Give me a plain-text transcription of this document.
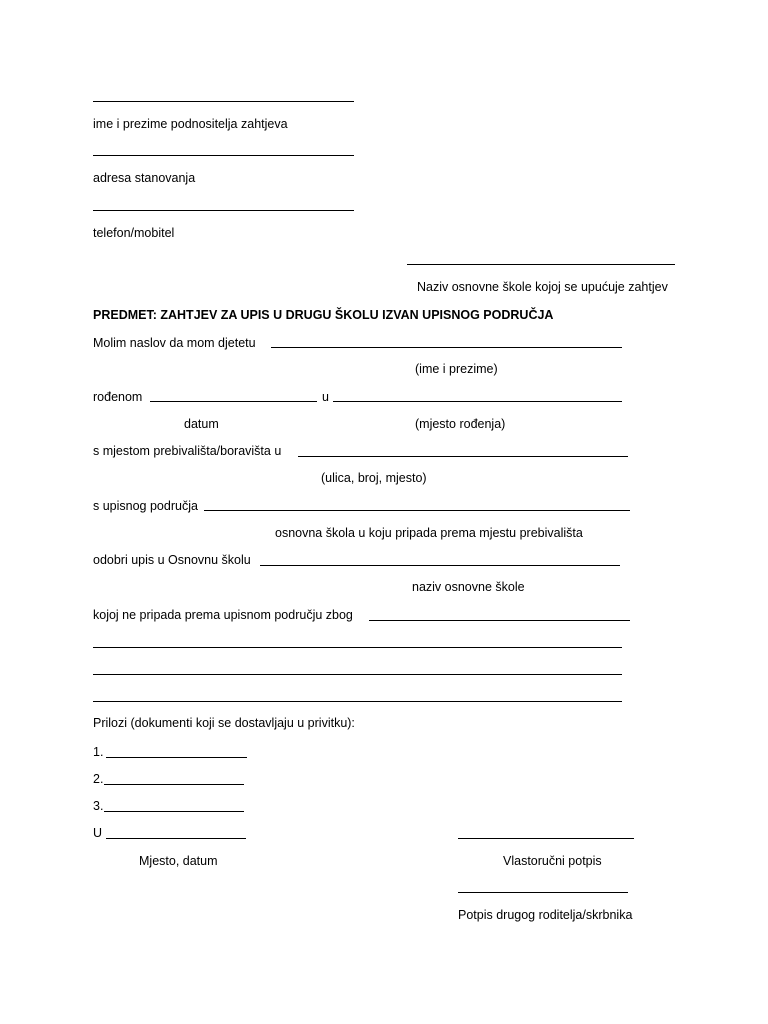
ime i prezime podnositelja zahtjeva
adresa stanovanja
telefon/mobitel
Naziv osnovne škole kojoj se upućuje zahtjev
PREDMET: ZAHTJEV ZA UPIS U DRUGU ŠKOLU IZVAN UPISNOG PODRUČJA
Molim naslov da mom djetetu
(ime i prezime)
rođenom	u
datum	(mjesto rođenja)
s mjestom prebivališta/boravišta u
(ulica, broj, mjesto)
s upisnog područja
osnovna škola u koju pripada prema mjestu prebivališta
odobri upis u Osnovnu školu
naziv osnovne škole
kojoj ne pripada prema upisnom području zbog
Prilozi (dokumenti koji se dostavljaju u privitku):
1.
2.
3.
U
Mjesto, datum	Vlastoručni potpis
Potpis drugog roditelja/skrbnika
